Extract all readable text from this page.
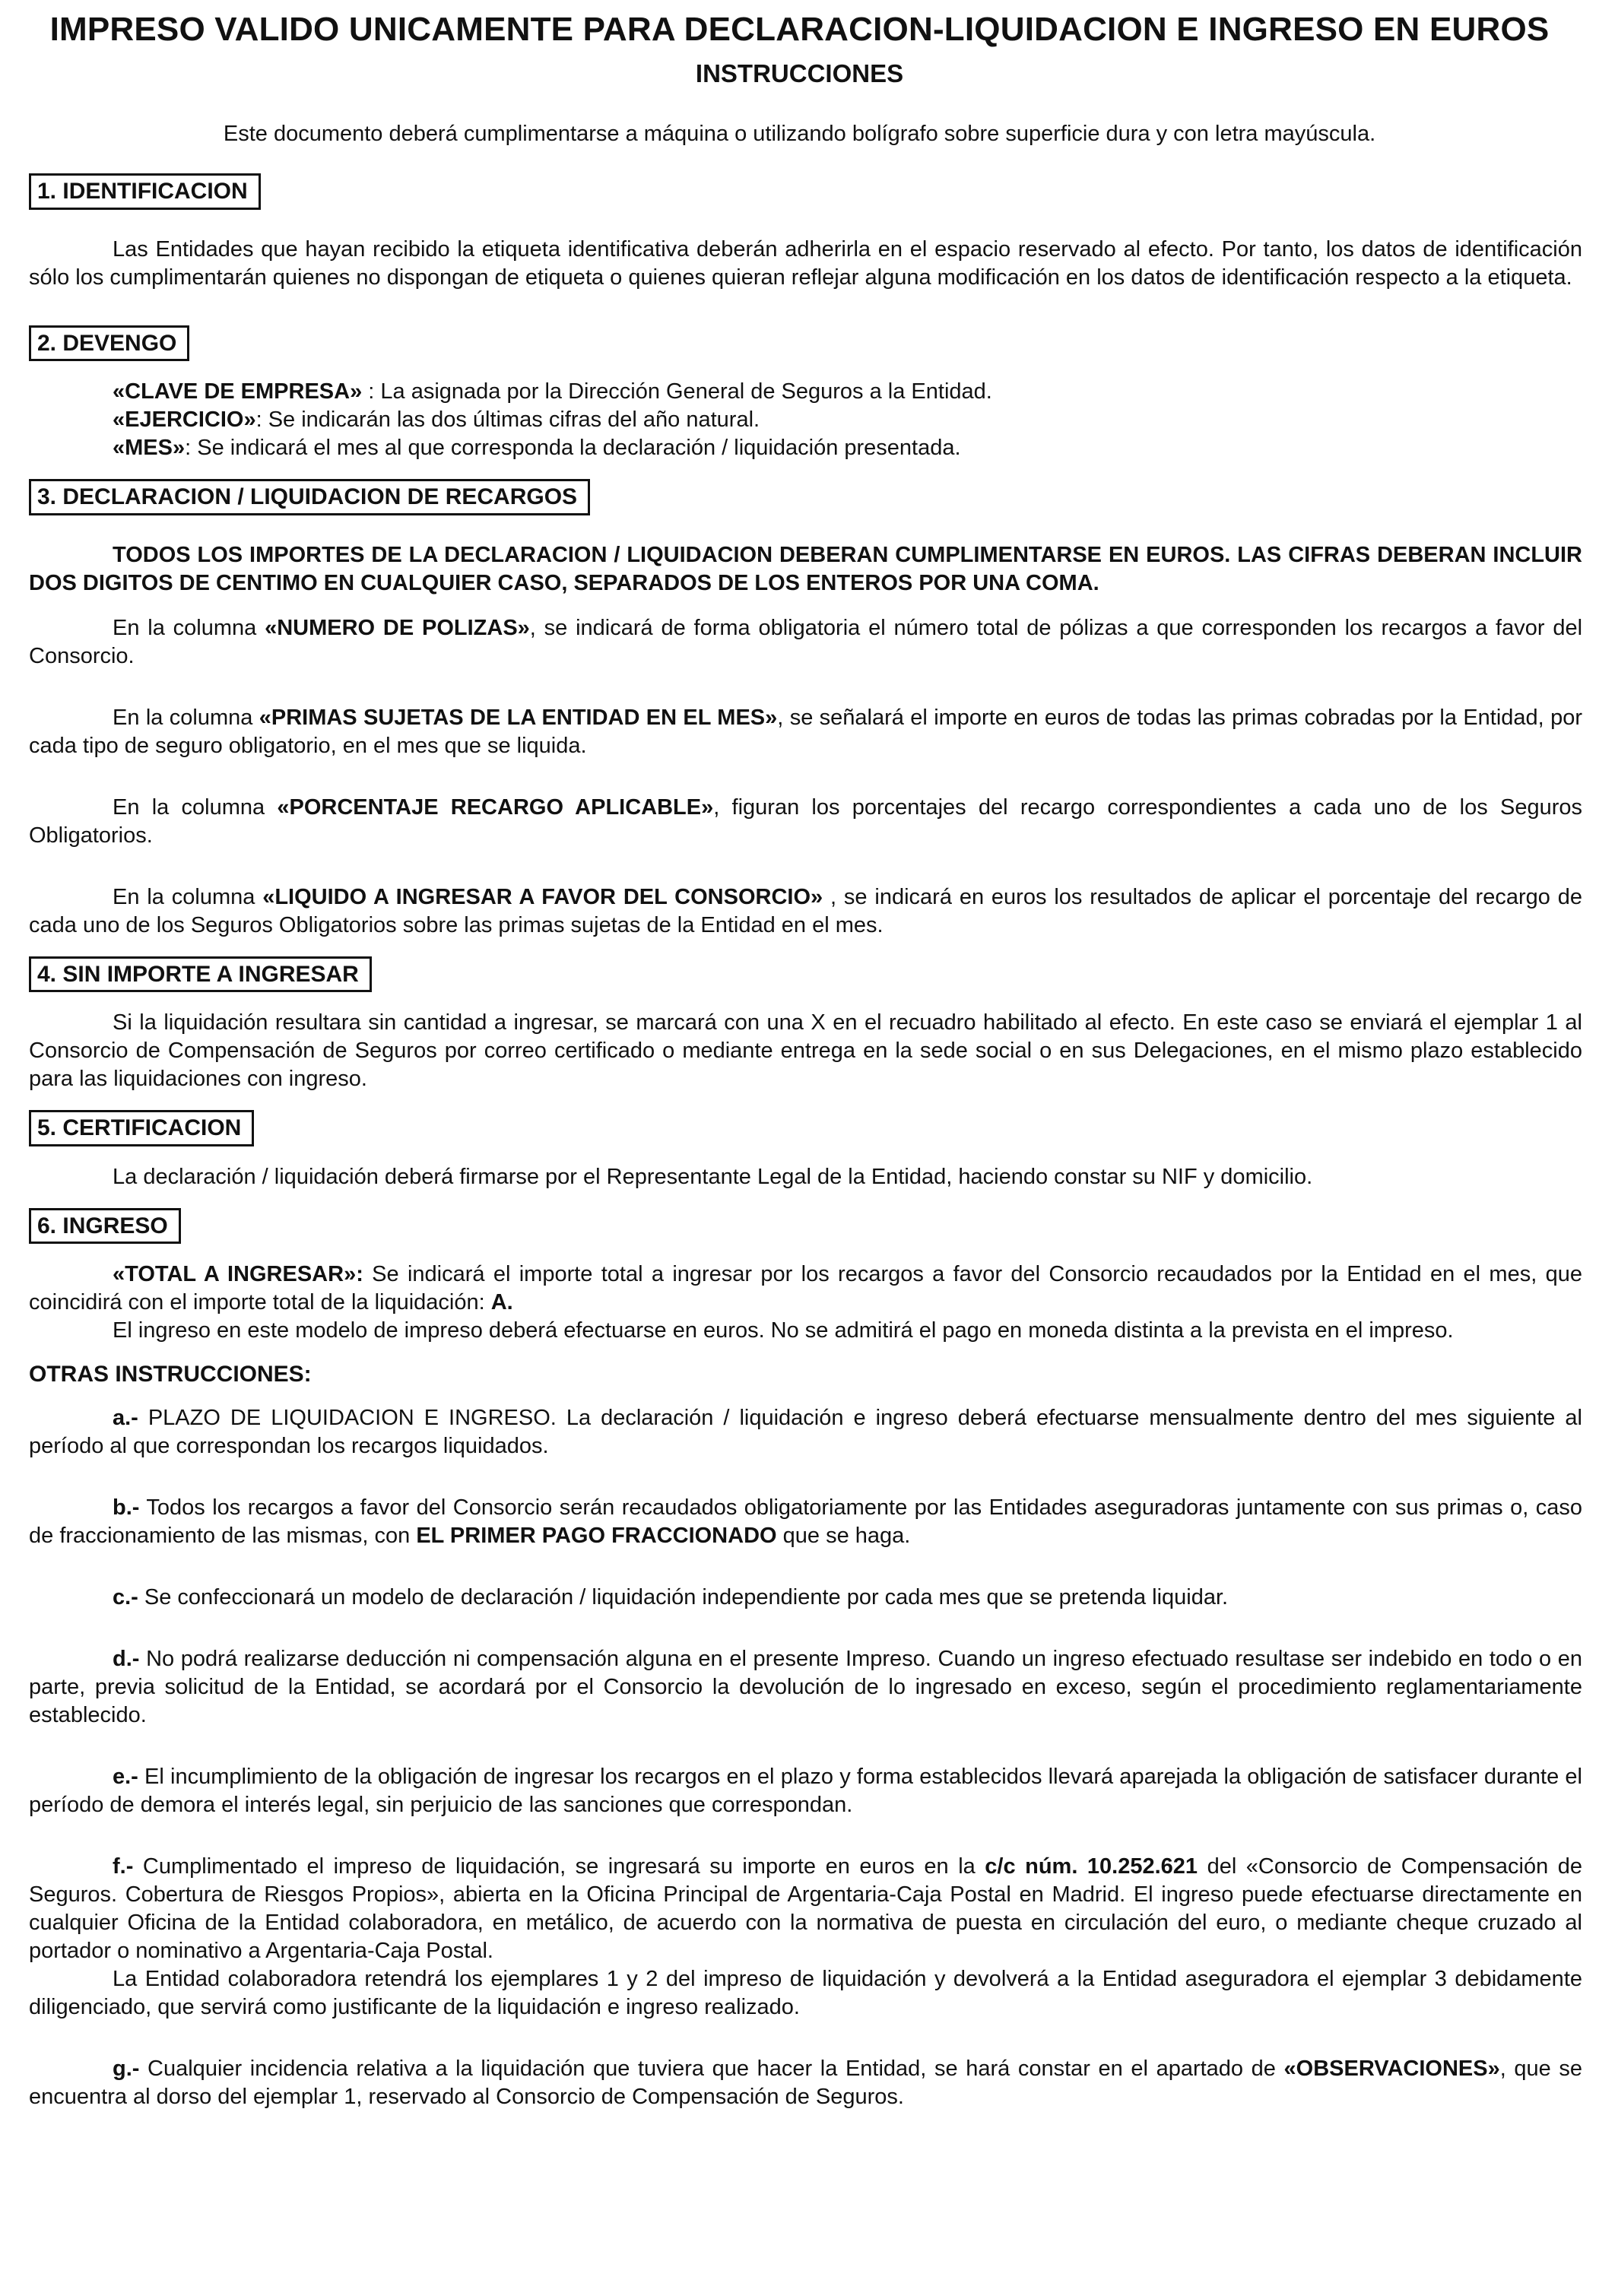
IMPRESO VALIDO UNICAMENTE PARA DECLARACION-LIQUIDACION E INGRESO EN EUROS
INSTRUCCIONES
Este documento deberá cumplimentarse a máquina o utilizando bolígrafo sobre superficie dura y con letra mayúscula.
1. IDENTIFICACION

Las Entidades que hayan recibido la etiqueta identificativa deberán adherirla en el espacio reservado al efecto. Por tanto, los datos de identificación sólo los cumplimentarán quienes no dispongan de etiqueta o quienes quieran reflejar alguna modificación en los datos de identificación respecto a la etiqueta.

2. DEVENGO

«CLAVE DE EMPRESA» : La asignada por la Dirección General de Seguros a la Entidad.

«EJERCICIO»: Se indicarán las dos últimas cifras del año natural.

«MES»: Se indicará el mes al que corresponda la declaración / liquidación presentada.

3. DECLARACION / LIQUIDACION DE RECARGOS

TODOS LOS IMPORTES DE LA DECLARACION / LIQUIDACION DEBERAN CUMPLIMENTARSE EN EUROS. LAS CIFRAS DEBERAN INCLUIR DOS DIGITOS DE CENTIMO EN CUALQUIER CASO, SEPARADOS DE LOS ENTEROS POR UNA COMA.

En la columna «NUMERO DE POLIZAS», se indicará de forma obligatoria el número total de pólizas a que corresponden los recargos a favor del Consorcio.

En la columna «PRIMAS SUJETAS DE LA ENTIDAD EN EL MES», se señalará el importe en euros de todas las primas cobradas por la Entidad, por cada tipo de seguro obligatorio, en el mes que se liquida.

En la columna «PORCENTAJE RECARGO APLICABLE», figuran los porcentajes del recargo correspondientes a cada uno de los Seguros Obligatorios.

En la columna «LIQUIDO A INGRESAR A FAVOR DEL CONSORCIO» , se indicará en euros los resultados de aplicar el porcentaje del recargo de cada uno de los Seguros Obligatorios sobre las primas sujetas de la Entidad en el mes.

4. SIN IMPORTE A INGRESAR

Si la liquidación resultara sin cantidad a ingresar, se marcará con una X en el recuadro habilitado al efecto. En este caso se enviará el ejemplar 1 al Consorcio de Compensación de Seguros por correo certificado o mediante entrega en la sede social o en sus Delegaciones, en el mismo plazo establecido para las liquidaciones con ingreso.

5. CERTIFICACION

La declaración / liquidación deberá firmarse por el Representante Legal de la Entidad, haciendo constar su NIF y domicilio.

6. INGRESO

«TOTAL A INGRESAR»: Se indicará el importe total a ingresar por los recargos a favor del Consorcio recaudados por la Entidad en el mes, que coincidirá con el importe total de la liquidación: A.

El ingreso en este modelo de impreso deberá efectuarse en euros. No se admitirá el pago en moneda distinta a la prevista en el impreso.

OTRAS INSTRUCCIONES:

a.- PLAZO DE LIQUIDACION E INGRESO. La declaración / liquidación e ingreso deberá efectuarse mensualmente dentro del mes siguiente al período al que correspondan los recargos liquidados.

b.- Todos los recargos a favor del Consorcio serán recaudados obligatoriamente por las Entidades aseguradoras juntamente con sus primas o, caso de fraccionamiento de las mismas, con EL PRIMER PAGO FRACCIONADO que se haga.

c.- Se confeccionará un modelo de declaración / liquidación independiente por cada mes que se pretenda liquidar.

d.- No podrá realizarse deducción ni compensación alguna en el presente Impreso. Cuando un ingreso efectuado resultase ser indebido en todo o en parte, previa solicitud de la Entidad, se acordará por el Consorcio la devolución de lo ingresado en exceso, según el procedimiento reglamentariamente establecido.

e.- El incumplimiento de la obligación de ingresar los recargos en el plazo y forma establecidos llevará aparejada la obligación de satisfacer durante el período de demora el interés legal, sin perjuicio de las sanciones que correspondan.

f.- Cumplimentado el impreso de liquidación, se ingresará su importe en euros en la c/c núm. 10.252.621 del «Consorcio de Compensación de Seguros. Cobertura de Riesgos Propios», abierta en la Oficina Principal de Argentaria-Caja Postal en Madrid. El ingreso puede efectuarse directamente en cualquier Oficina de la Entidad colaboradora, en metálico, de acuerdo con la normativa de puesta en circulación del euro, o mediante cheque cruzado al portador o nominativo a Argentaria-Caja Postal.

La Entidad colaboradora retendrá los ejemplares 1 y 2 del impreso de liquidación y devolverá a la Entidad aseguradora el ejemplar 3 debidamente diligenciado, que servirá como justificante de la liquidación e ingreso realizado.

g.- Cualquier incidencia relativa a la liquidación que tuviera que hacer la Entidad, se hará constar en el apartado de «OBSERVACIONES», que se encuentra al dorso del ejemplar 1, reservado al Consorcio de Compensación de Seguros.
